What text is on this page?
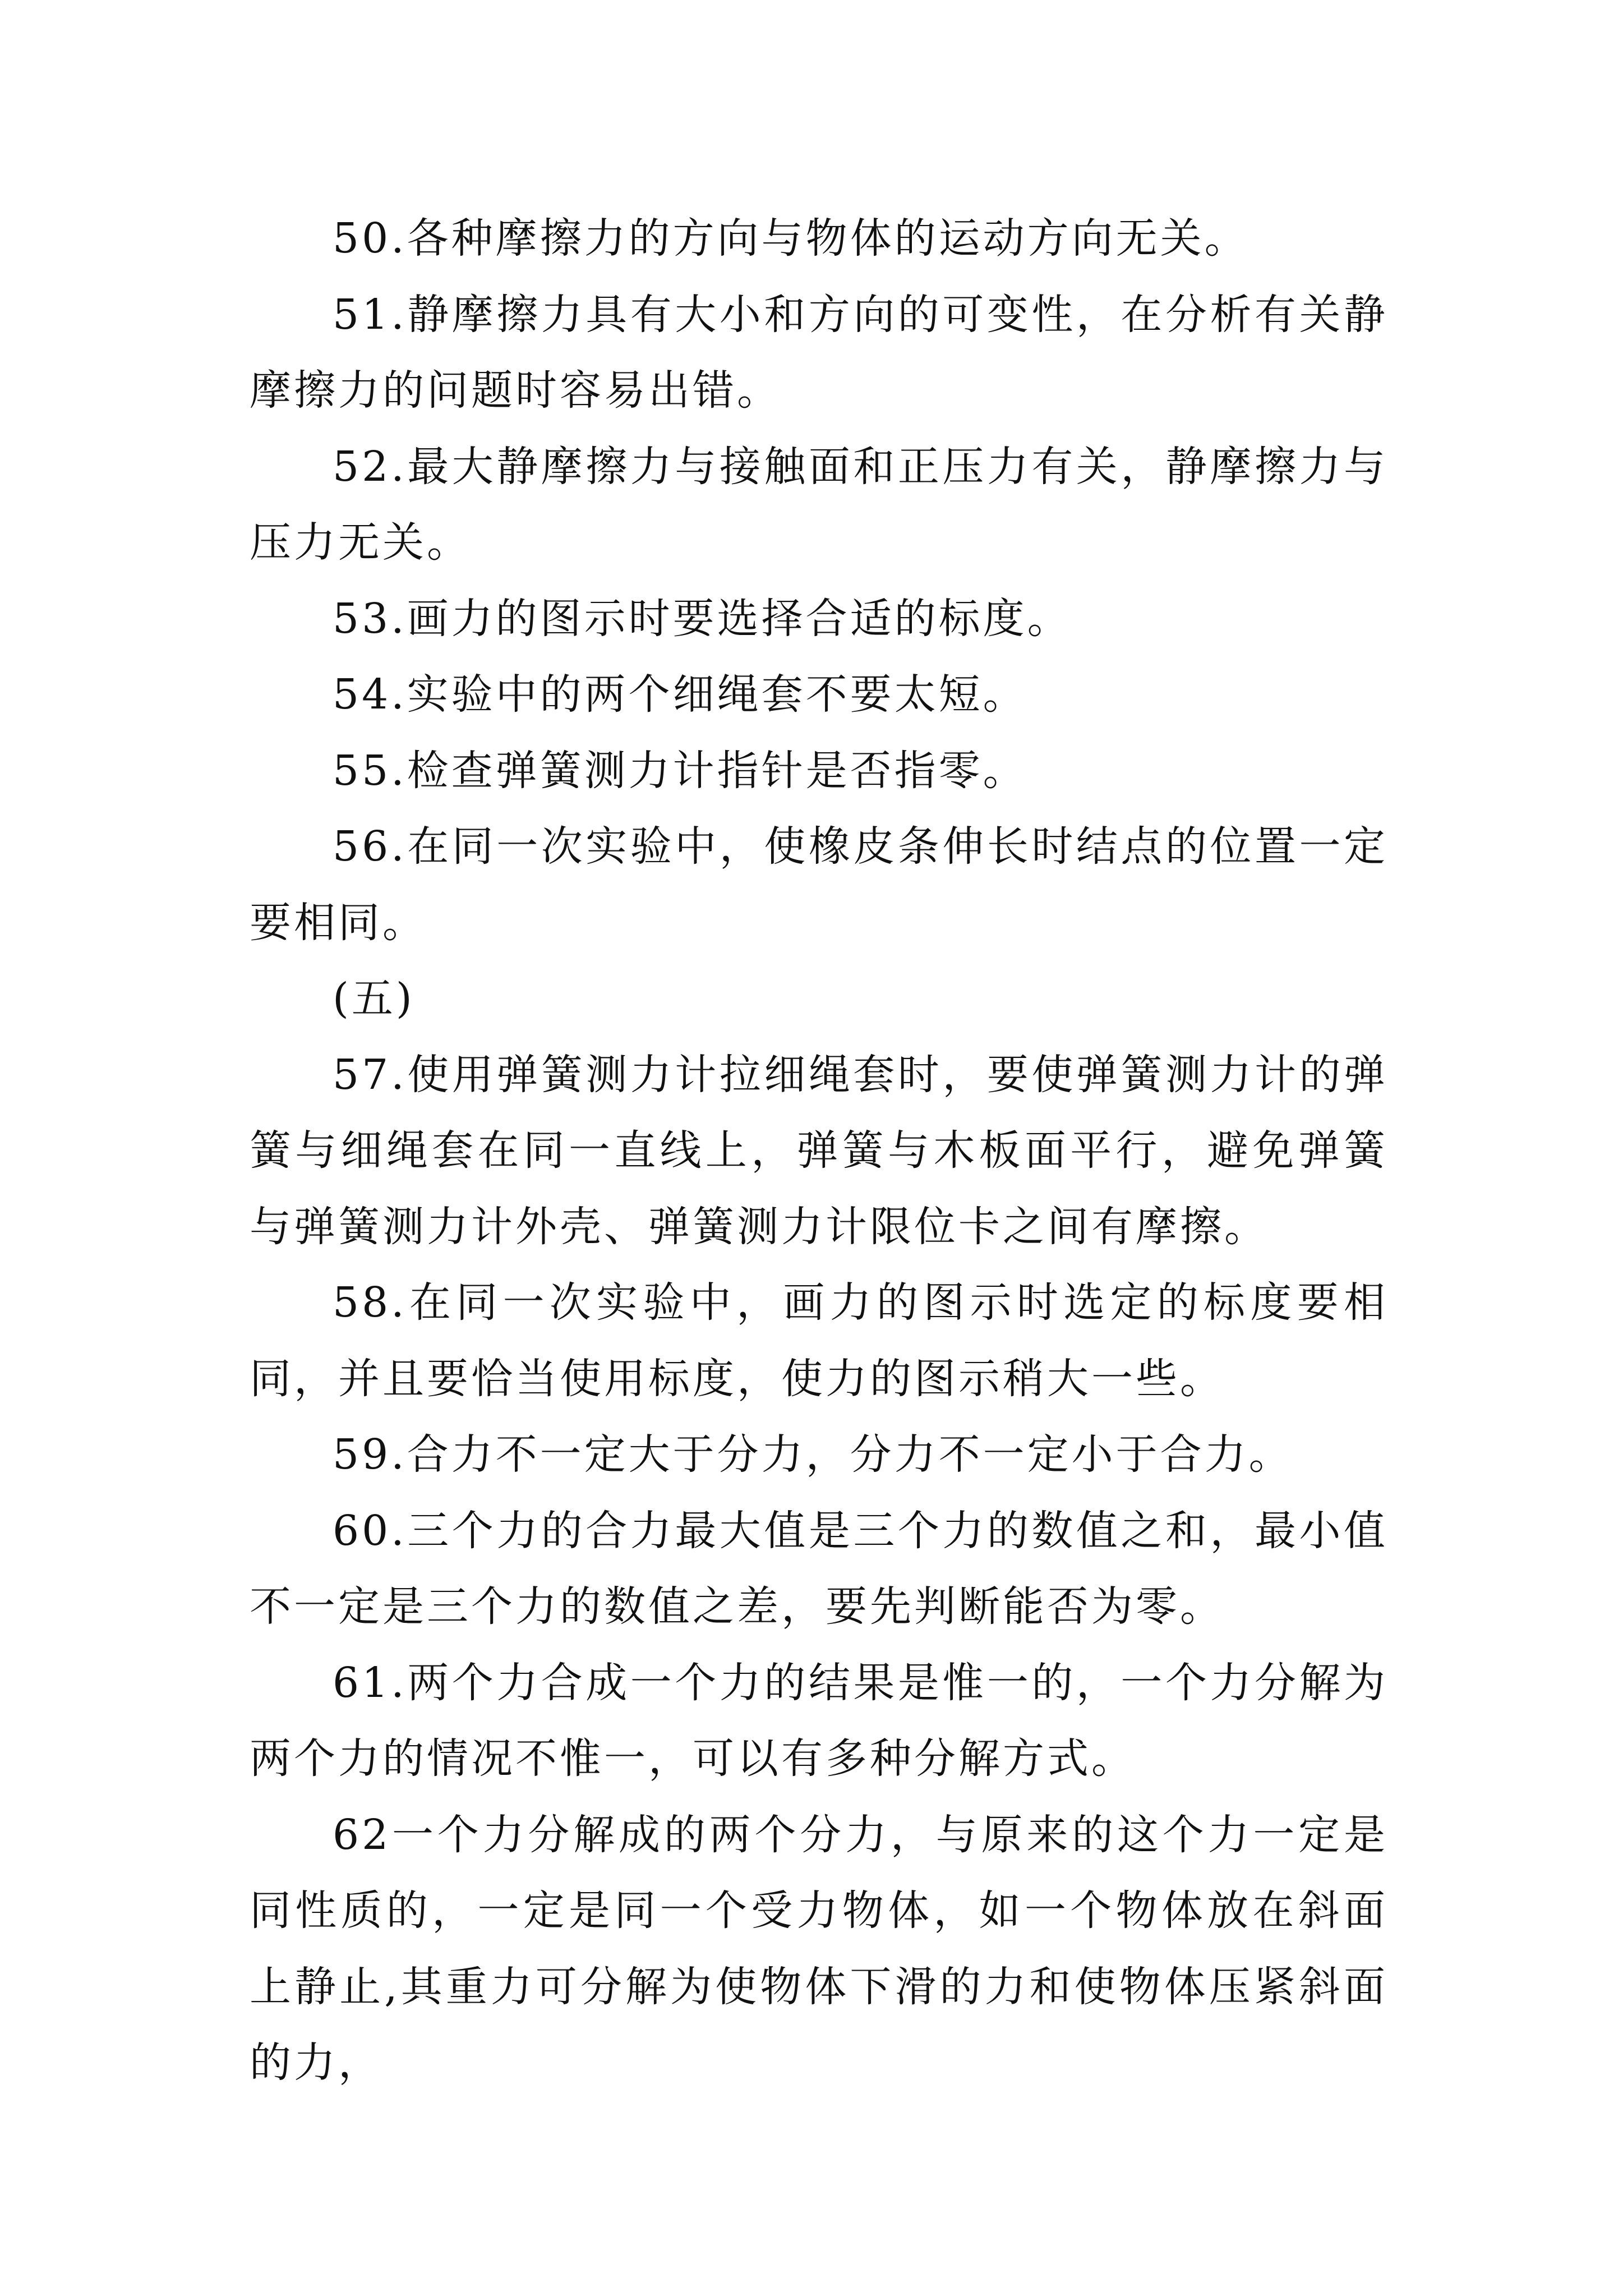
50.各种摩擦力的方向与物体的运动方向无关。

51.静摩擦力具有大小和方向的可变性，在分析有关静摩擦力的问题时容易出错。

52.最大静摩擦力与接触面和正压力有关，静摩擦力与压力无关。

53.画力的图示时要选择合适的标度。

54.实验中的两个细绳套不要太短。

55.检查弹簧测力计指针是否指零。

56.在同一次实验中，使橡皮条伸长时结点的位置一定要相同。

(五)

57.使用弹簧测力计拉细绳套时，要使弹簧测力计的弹簧与细绳套在同一直线上，弹簧与木板面平行，避免弹簧与弹簧测力计外壳、弹簧测力计限位卡之间有摩擦。

58.在同一次实验中，画力的图示时选定的标度要相同，并且要恰当使用标度，使力的图示稍大一些。

59.合力不一定大于分力，分力不一定小于合力。

60.三个力的合力最大值是三个力的数值之和，最小值不一定是三个力的数值之差，要先判断能否为零。

61.两个力合成一个力的结果是惟一的，一个力分解为两个力的情况不惟一，可以有多种分解方式。

62一个力分解成的两个分力，与原来的这个力一定是同性质的，一定是同一个受力物体，如一个物体放在斜面上静止,其重力可分解为使物体下滑的力和使物体压紧斜面的力，
